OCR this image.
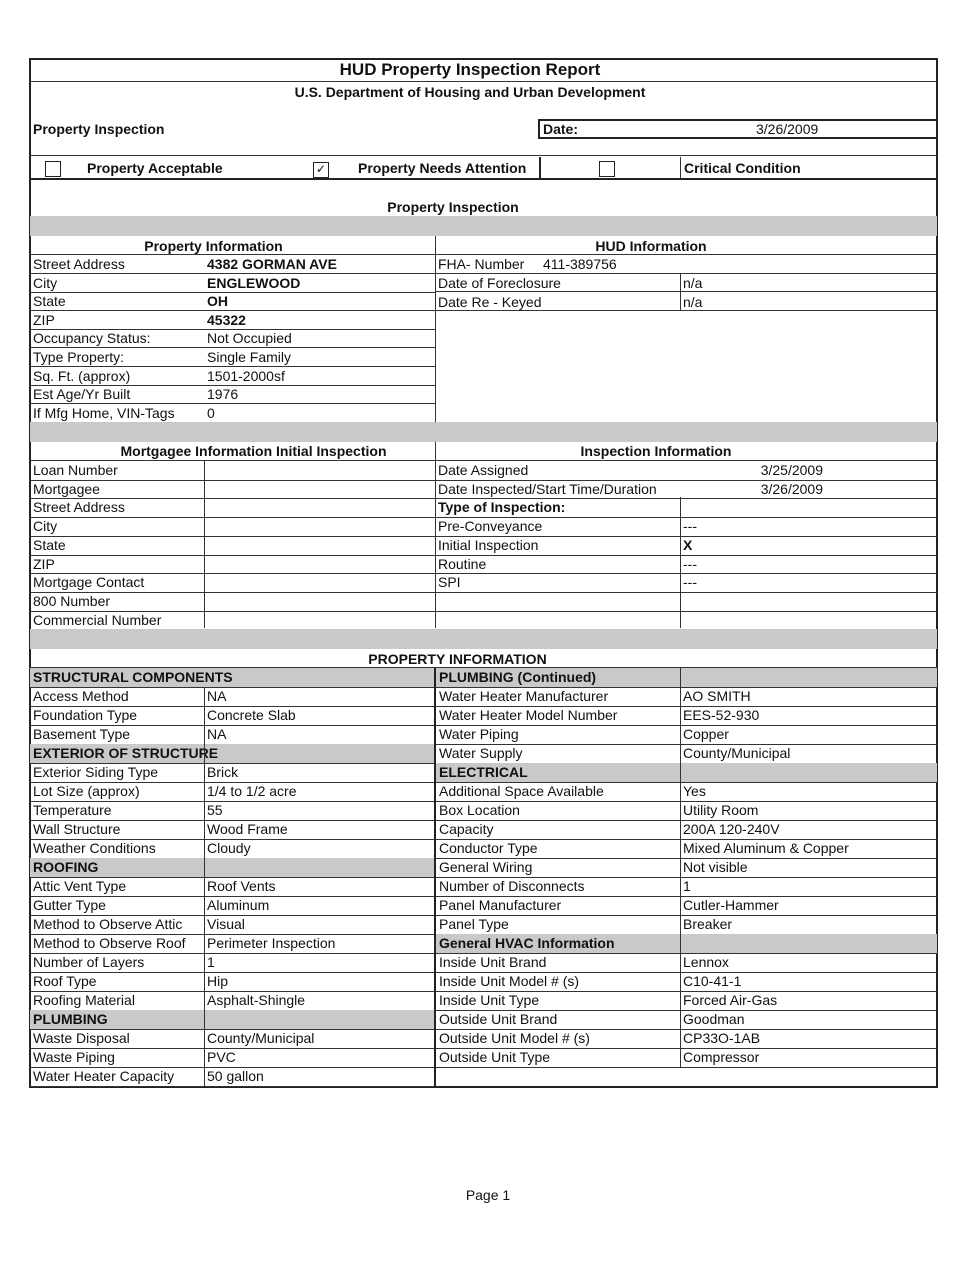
HUD Property Inspection Report
U.S. Department of Housing and Urban Development
Property Inspection	Date:	3/26/2009
Property Acceptable	✓ Property Needs Attention	Critical Condition
Property Inspection
Property Information	HUD Information
Street Address	4382 GORMAN AVE
City	ENGLEWOOD
State	OH
ZIP	45322
Occupancy Status:	Not Occupied
Type Property:	Single Family
Sq. Ft. (approx)	1501-2000sf
Est Age/Yr Built	1976
If Mfg Home, VIN-Tags 0
FHA- Number 411-389756
Date of Foreclosure	n/a
Date Re - Keyed	n/a
Mortgagee Information Initial Inspection	Inspection Information
Loan Number
Mortgagee
Street Address
City
State
ZIP
Mortgage Contact
800 Number
Commercial Number
Date Assigned	3/25/2009
Date Inspected/Start Time/Duration	3/26/2009
Type of Inspection:
Pre-Conveyance	---
Initial Inspection	X
Routine	---
SPI	---
PROPERTY INFORMATION
STRUCTURAL COMPONENTS
Access Method	NA
Foundation Type	Concrete Slab
Basement Type	NA
EXTERIOR OF STRUCTURE
Exterior Siding Type	Brick
Lot Size (approx)	1/4 to 1/2 acre
Temperature	55
Wall Structure	Wood Frame
Weather Conditions	Cloudy
ROOFING
Attic Vent Type	Roof Vents
Gutter Type	Aluminum
Method to Observe Attic Visual
Method to Observe Roof Perimeter Inspection
Number of Layers	1
Roof Type	Hip
Roofing Material	Asphalt-Shingle
PLUMBING
Waste Disposal	County/Municipal
Waste Piping	PVC
Water Heater Capacity 50 gallon
PLUMBING (Continued)
Water Heater Manufacturer	AO SMITH
Water Heater Model Number	EES-52-930
Water Piping	Copper
Water Supply	County/Municipal
ELECTRICAL
Additional Space Available	Yes
Box Location	Utility Room
Capacity	200A 120-240V
Conductor Type	Mixed Aluminum & Copper
General Wiring	Not visible
Number of Disconnects	1
Panel Manufacturer	Cutler-Hammer
Panel Type	Breaker
General HVAC Information
Inside Unit Brand	Lennox
Inside Unit Model # (s)	C10-41-1
Inside Unit Type	Forced Air-Gas
Outside Unit Brand	Goodman
Outside Unit Model # (s)	CP33O-1AB
Outside Unit Type	Compressor
Page 1
